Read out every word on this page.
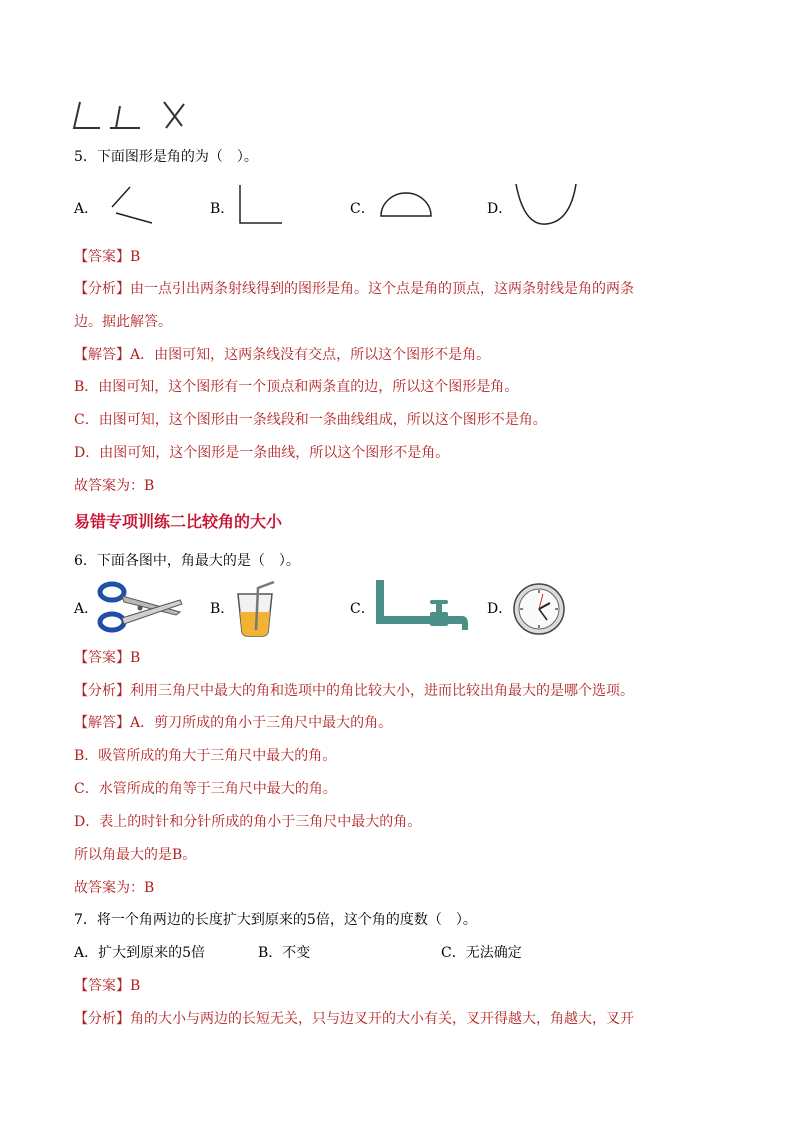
5．下面图形是角的为（　）。
A．	B．	C．	D．
【答案】B
【分析】由一点引出两条射线得到的图形是角。这个点是角的顶点，这两条射线是角的两条
边。据此解答。
【解答】A．由图可知，这两条线没有交点，所以这个图形不是角。
B．由图可知，这个图形有一个顶点和两条直的边，所以这个图形是角。
C．由图可知，这个图形由一条线段和一条曲线组成，所以这个图形不是角。
D．由图可知，这个图形是一条曲线，所以这个图形不是角。
故答案为：B
易错专项训练二比较角的大小
6．下面各图中，角最大的是（　）。
A．	B．	C．	D．
【答案】B
【分析】利用三角尺中最大的角和选项中的角比较大小，进而比较出角最大的是哪个选项。
【解答】A．剪刀所成的角小于三角尺中最大的角。
B．吸管所成的角大于三角尺中最大的角。
C．水管所成的角等于三角尺中最大的角。
D．表上的时针和分针所成的角小于三角尺中最大的角。
所以角最大的是B。
故答案为：B
7．将一个角两边的长度扩大到原来的5倍，这个角的度数（　）。
A．扩大到原来的5倍	B．不变	C．无法确定
【答案】B
【分析】角的大小与两边的长短无关，只与边叉开的大小有关，叉开得越大，角越大，叉开
